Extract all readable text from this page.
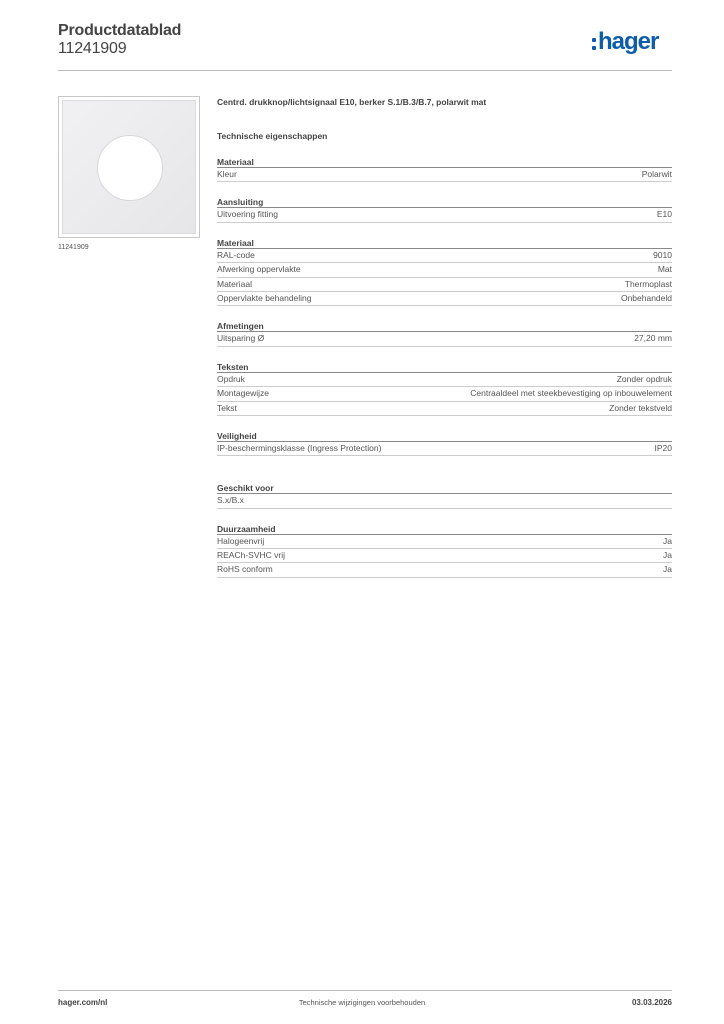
Productdatablad
11241909	hager
11241909
Centrd. drukknop/lichtsignaal E10, berker S.1/B.3/B.7, polarwit mat
Technische eigenschappen
Materiaal
Kleur	Polarwit
Aansluiting
Uitvoering fitting	E10
Materiaal
RAL-code	9010
Afwerking oppervlakte	Mat
Materiaal	Thermoplast
Oppervlakte behandeling	Onbehandeld
Afmetingen
Uitsparing Ø	27,20 mm
Teksten
Opdruk	Zonder opdruk
Montagewijze	Centraaldeel met steekbevestiging op inbouwelement
Tekst	Zonder tekstveld
Veiligheid
IP-beschermingsklasse (Ingress Protection)	IP20
Geschikt voor
S.x/B.x
Duurzaamheid
Halogeenvrij	Ja
REACh-SVHC vrij	Ja
RoHS conform	Ja
hager.com/nl	Technische wijzigingen voorbehouden	03.03.2026
